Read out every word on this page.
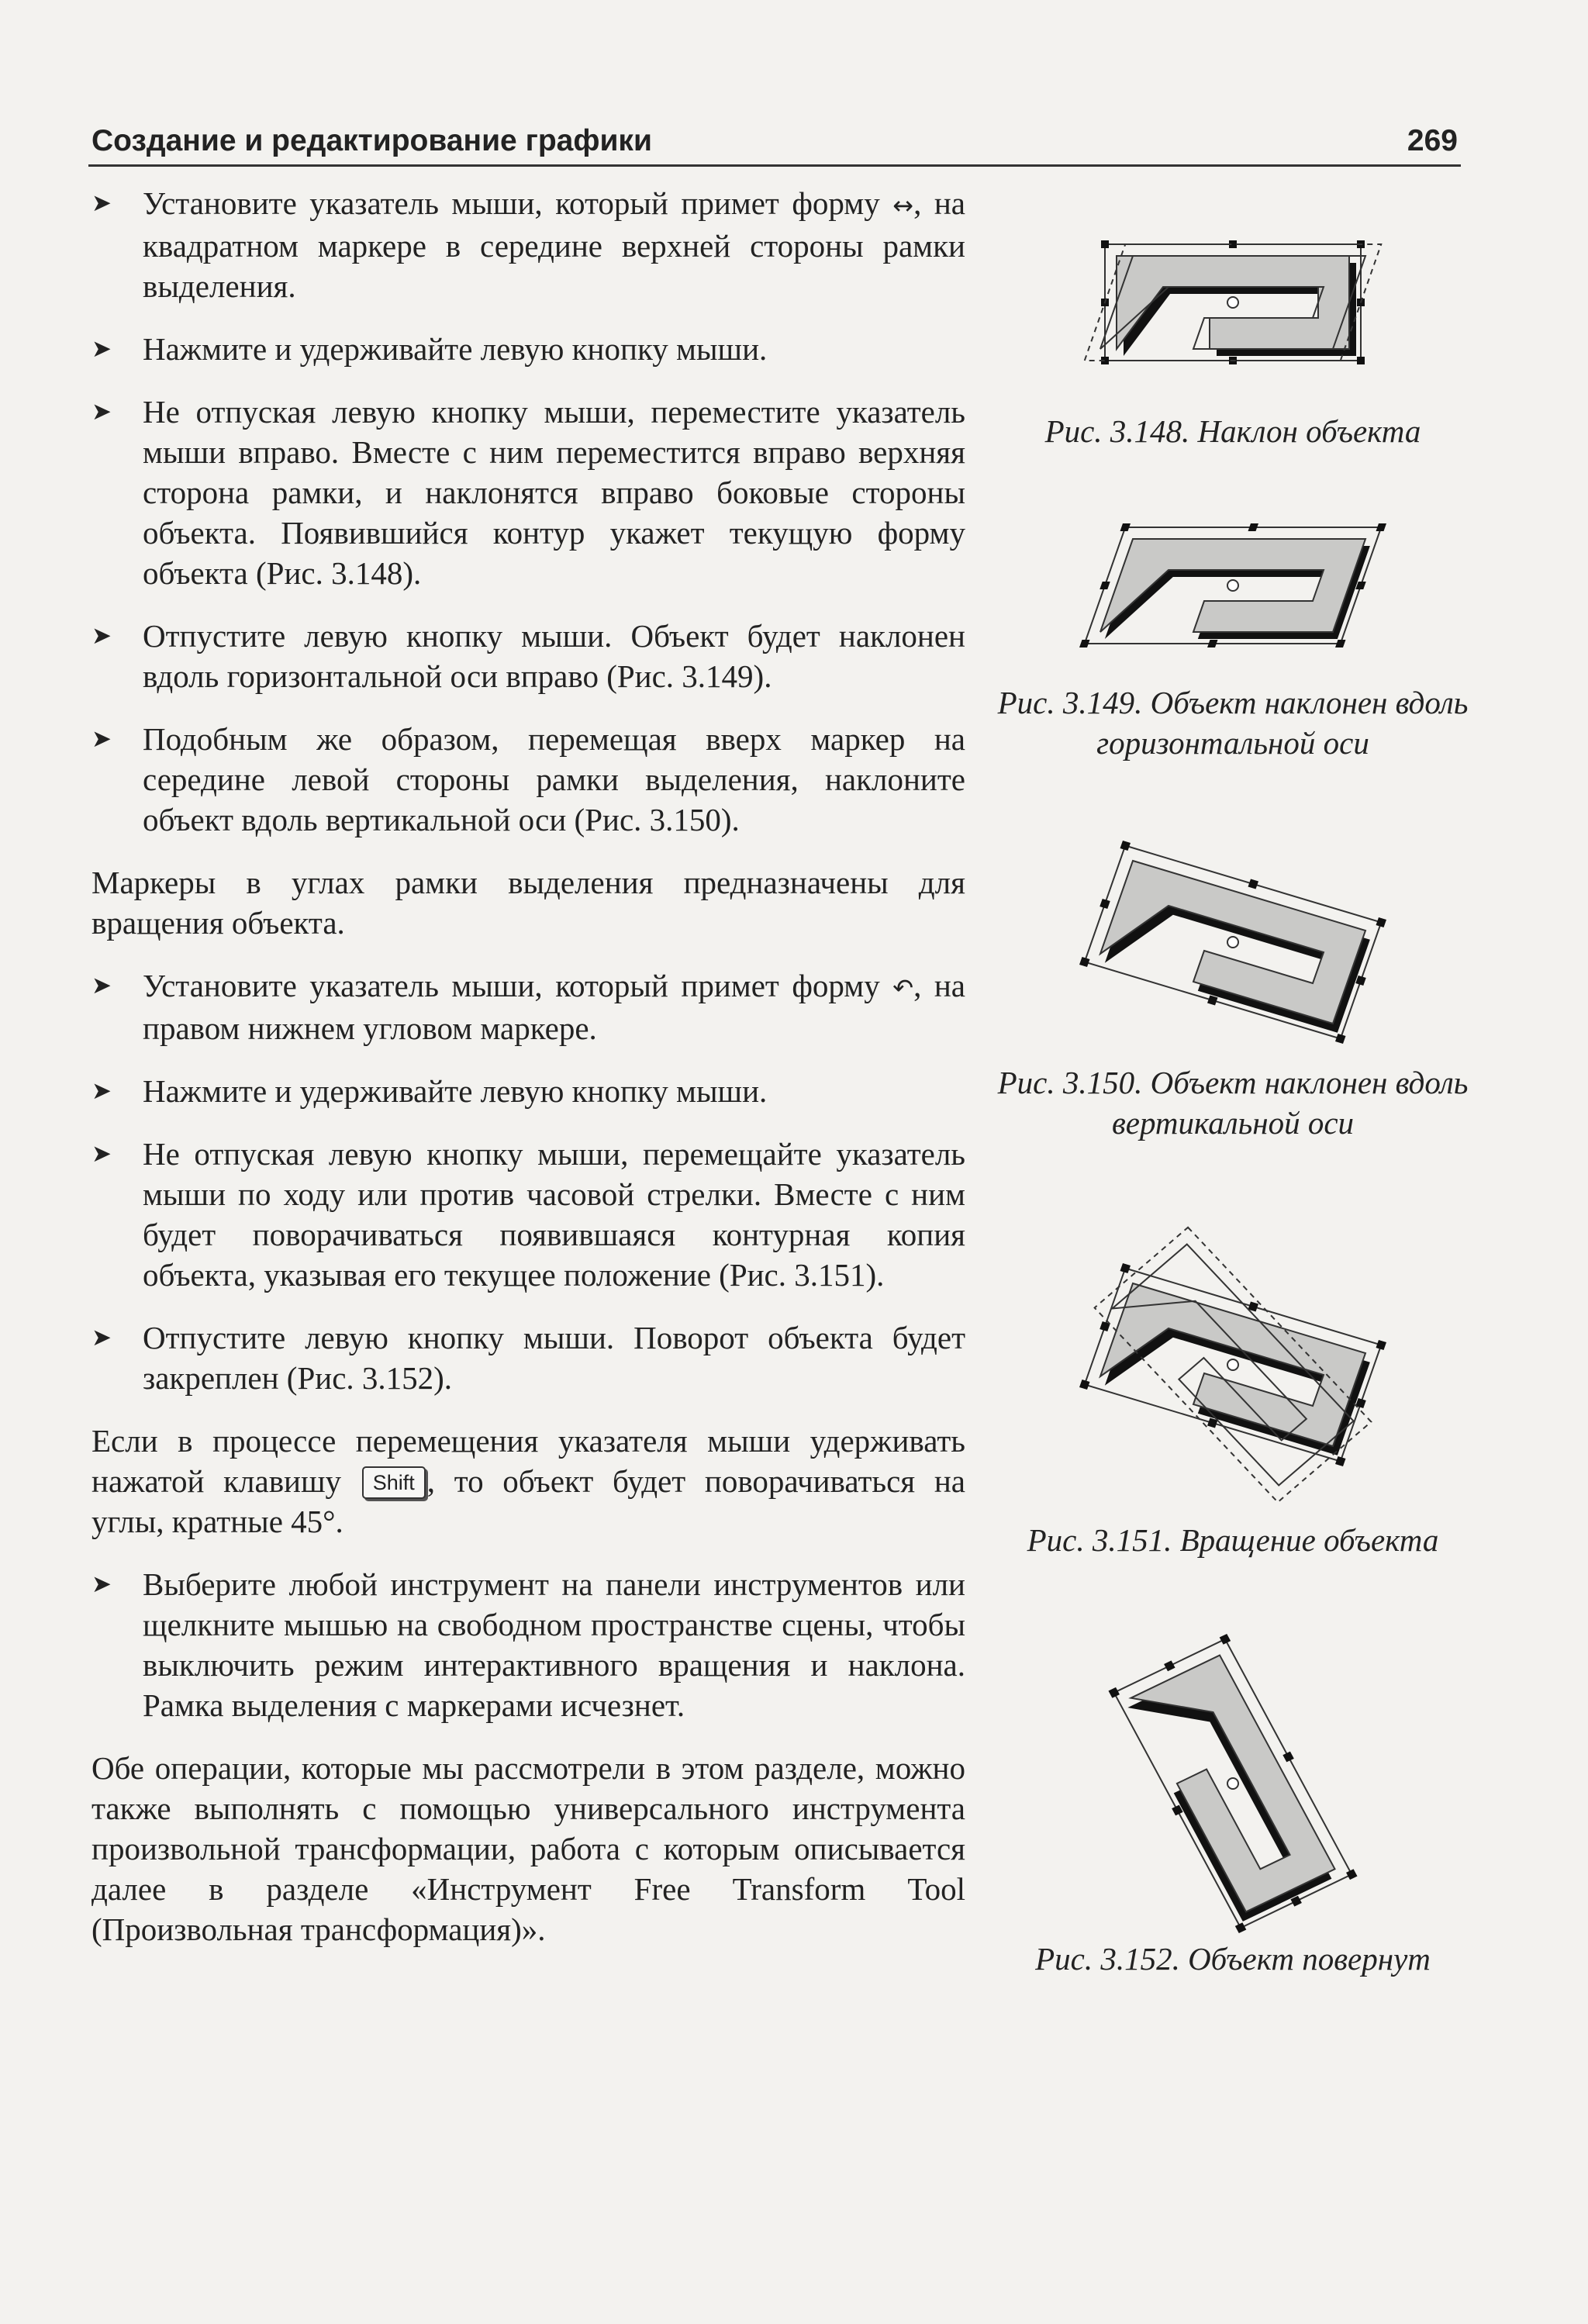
Создание и редактирование графики	269
➤ Установите указатель мыши, который примет форму ↔, на квадратном маркере в середине верхней стороны рамки выделения.
➤ Нажмите и удерживайте левую кнопку мыши.
➤ Не отпуская левую кнопку мыши, переместите указатель мыши вправо. Вместе с ним переместится вправо верхняя сторона рамки, и наклонятся вправо боковые стороны объекта. Появившийся контур укажет текущую форму объекта (Рис. 3.148).
➤ Отпустите левую кнопку мыши. Объект будет наклонен вдоль горизонтальной оси вправо (Рис. 3.149).
➤ Подобным же образом, перемещая вверх маркер на середине левой стороны рамки выделения, наклоните объект вдоль вертикальной оси (Рис. 3.150).
Маркеры в углах рамки выделения предназначены для вращения объекта.
➤ Установите указатель мыши, который примет форму ↶, на правом нижнем угловом маркере.
➤ Нажмите и удерживайте левую кнопку мыши.
➤ Не отпуская левую кнопку мыши, перемещайте указатель мыши по ходу или против часовой стрелки. Вместе с ним будет поворачиваться появившаяся контурная копия объекта, указывая его текущее положение (Рис. 3.151).
➤ Отпустите левую кнопку мыши. Поворот объекта будет закреплен (Рис. 3.152).
Если в процессе перемещения указателя мыши удерживать нажатой клавишу Shift , то объект будет поворачиваться на углы, кратные 45°.
➤ Выберите любой инструмент на панели инструментов или щелкните мышью на свободном пространстве сцены, чтобы выключить режим интерактивного вращения и наклона. Рамка выделения с маркерами исчезнет.
Обе операции, которые мы рассмотрели в этом разделе, можно также выполнять с помощью универсального инструмента произвольной трансформации, работа с которым описывается далее в разделе «Инструмент Free Transform Tool (Произвольная трансформация)».
Рис. 3.148. Наклон объекта
Рис. 3.149. Объект наклонен вдоль горизонтальной оси
Рис. 3.150. Объект наклонен вдоль вертикальной оси
Рис. 3.151. Вращение объекта
Рис. 3.152. Объект повернут
